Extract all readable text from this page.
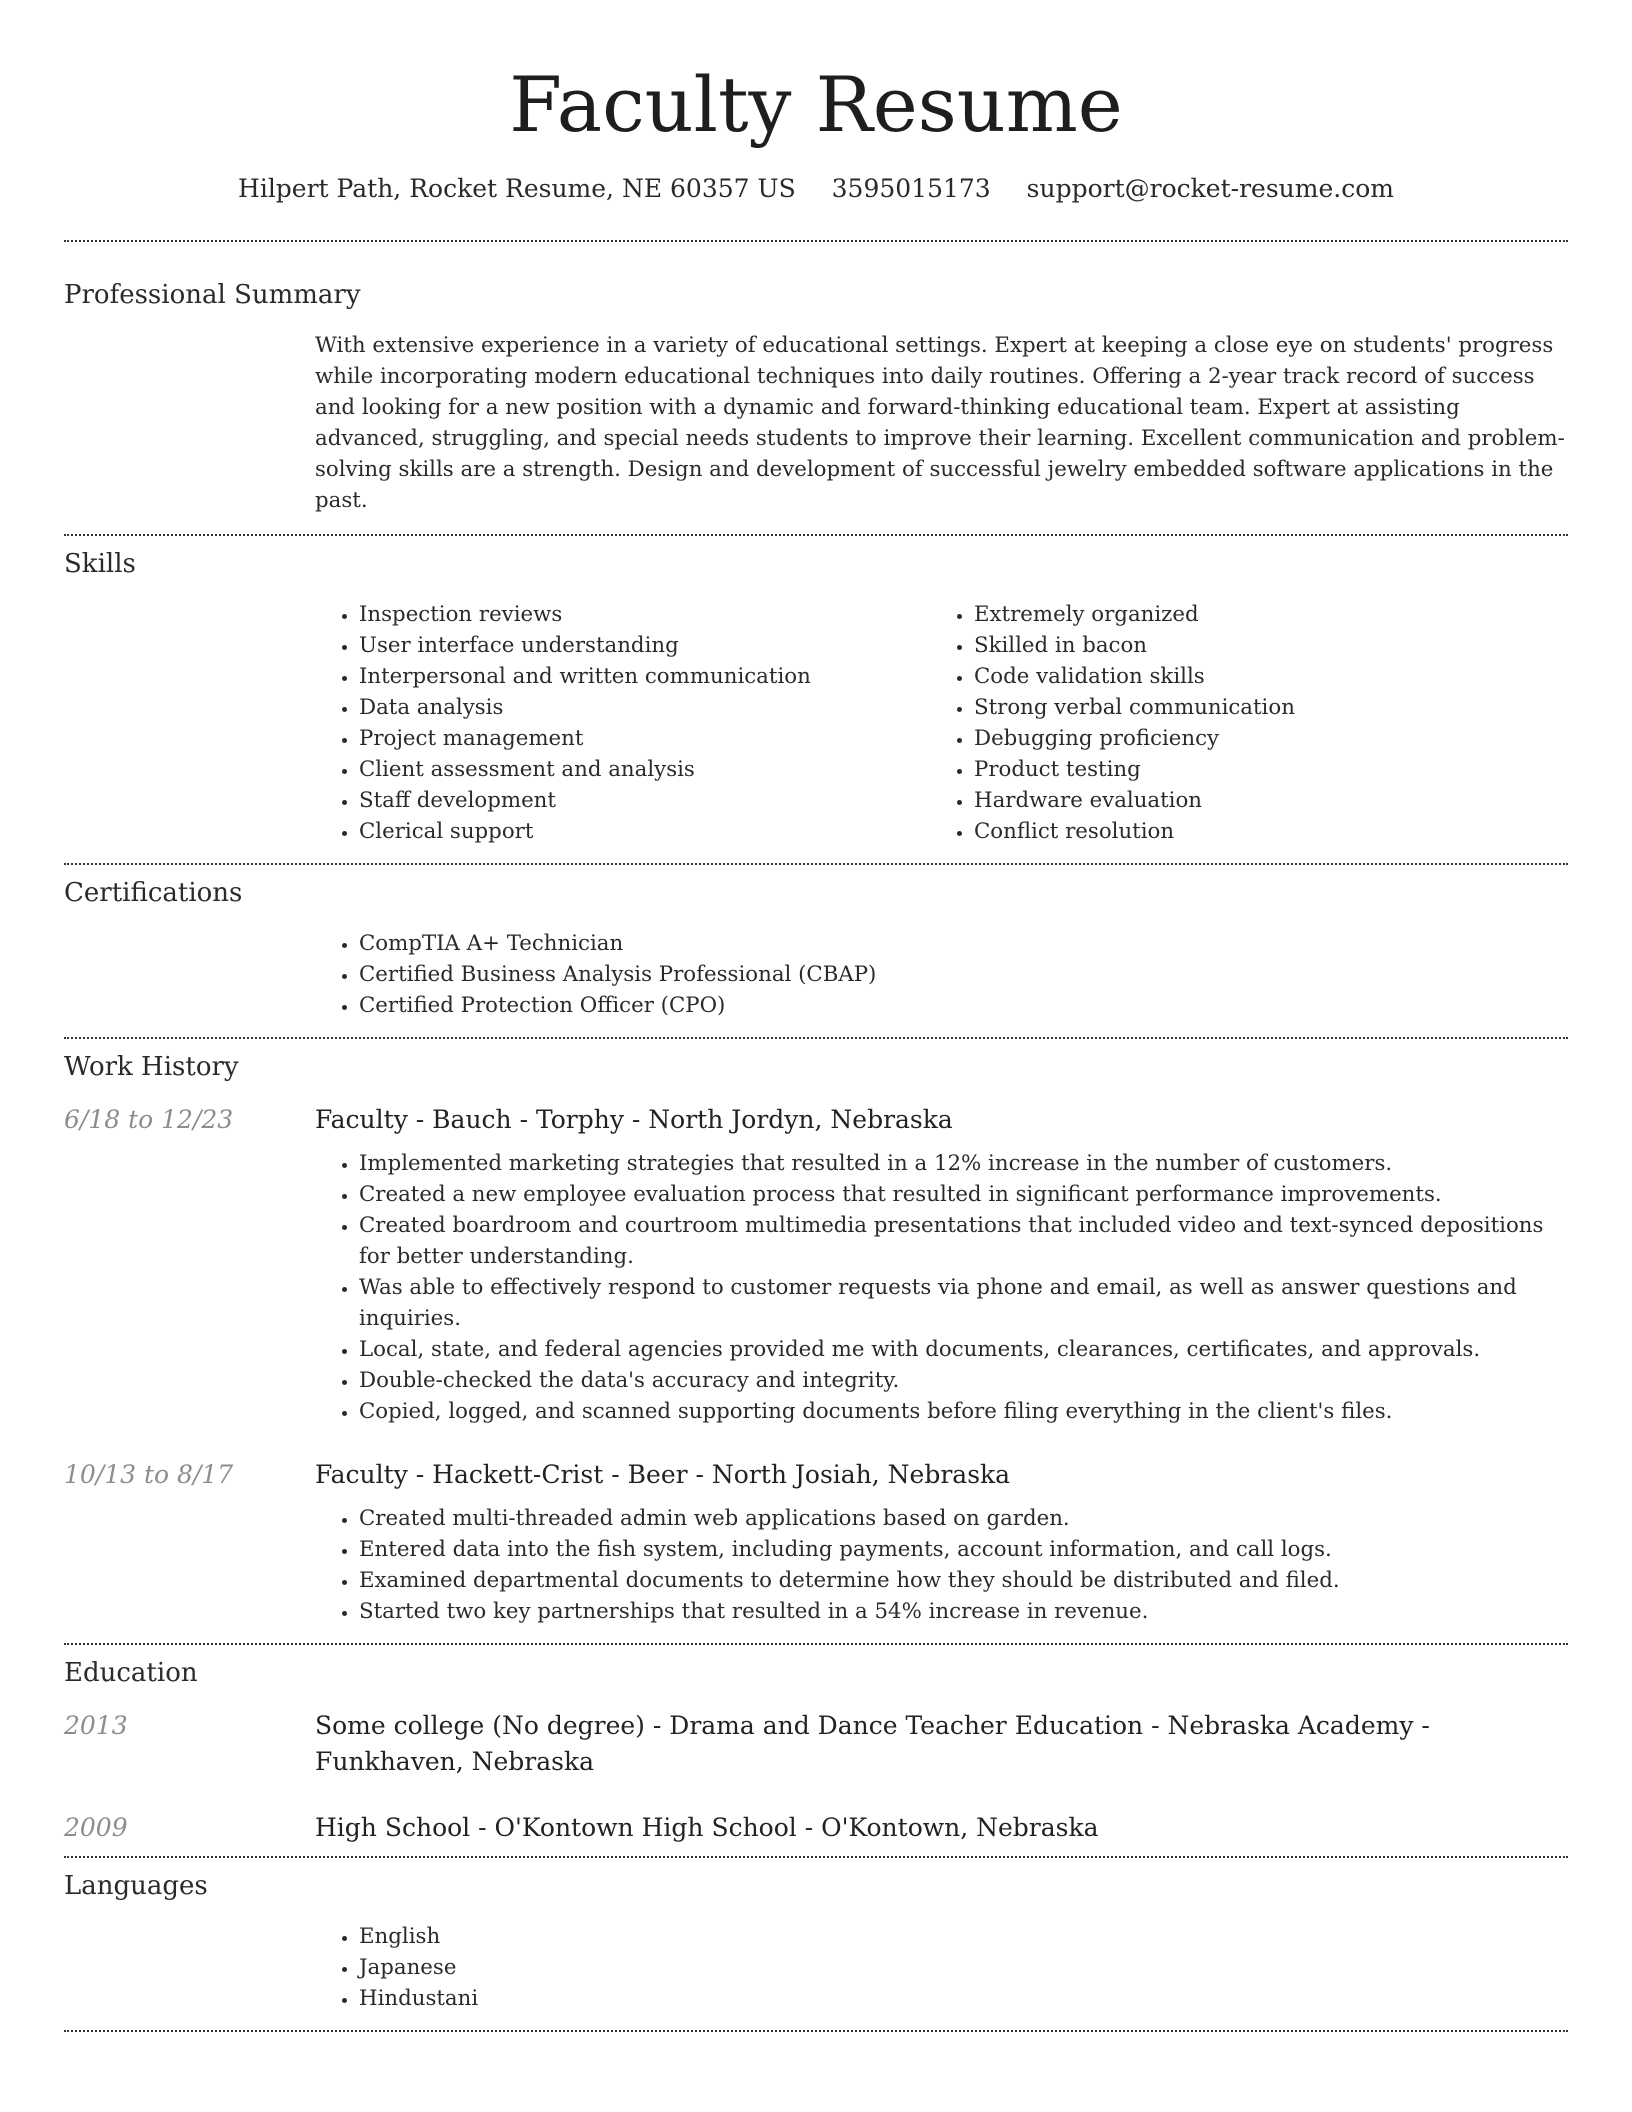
Faculty Resume
Hilpert Path, Rocket Resume, NE 60357 US 3595015173 support@rocket-resume.com
Professional Summary

With extensive experience in a variety of educational settings. Expert at keeping a close eye on students' progress while incorporating modern educational techniques into daily routines. Offering a 2-year track record of success and looking for a new position with a dynamic and forward-thinking educational team. Expert at assisting advanced, struggling, and special needs students to improve their learning. Excellent communication and problem-solving skills are a strength. Design and development of successful jewelry embedded software applications in the past.

Skills
• Inspection reviews
• User interface understanding
• Interpersonal and written communication
• Data analysis
• Project management
• Client assessment and analysis
• Staff development
• Clerical support
• Extremely organized
• Skilled in bacon
• Code validation skills
• Strong verbal communication
• Debugging proficiency
• Product testing
• Hardware evaluation
• Conflict resolution
Certifications
• CompTIA A+ Technician
• Certified Business Analysis Professional (CBAP)
• Certified Protection Officer (CPO)
Work History
6/18 to 12/23	Faculty - Bauch - Torphy - North Jordyn, Nebraska
• Implemented marketing strategies that resulted in a 12% increase in the number of customers.
• Created a new employee evaluation process that resulted in significant performance improvements.
• Created boardroom and courtroom multimedia presentations that included video and text-synced depositions for better understanding.
• Was able to effectively respond to customer requests via phone and email, as well as answer questions and inquiries.
• Local, state, and federal agencies provided me with documents, clearances, certificates, and approvals.
• Double-checked the data's accuracy and integrity.
• Copied, logged, and scanned supporting documents before filing everything in the client's files.
10/13 to 8/17	Faculty - Hackett-Crist - Beer - North Josiah, Nebraska
• Created multi-threaded admin web applications based on garden.
• Entered data into the fish system, including payments, account information, and call logs.
• Examined departmental documents to determine how they should be distributed and filed.
• Started two key partnerships that resulted in a 54% increase in revenue.
Education
2013	Some college (No degree) - Drama and Dance Teacher Education - Nebraska Academy - Funkhaven, Nebraska
2009	High School - O'Kontown High School - O'Kontown, Nebraska
Languages
• English
• Japanese
• Hindustani
